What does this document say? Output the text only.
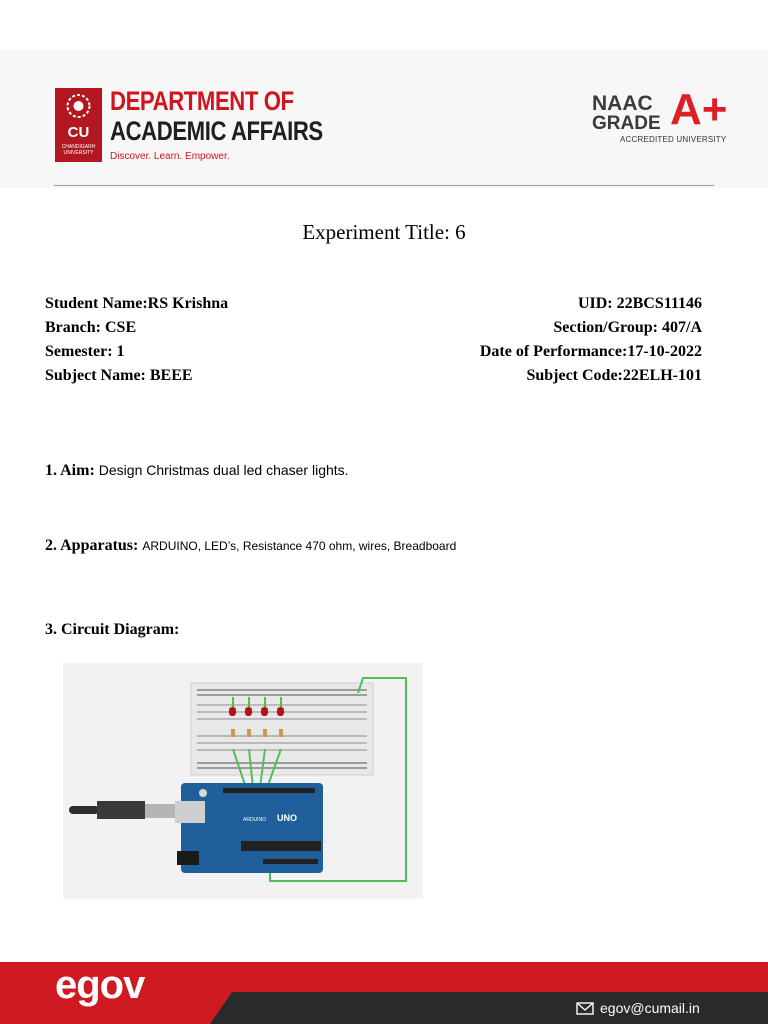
CU
CHANDIGARH UNIVERSITY
DEPARTMENT OF
ACADEMIC AFFAIRS
Discover. Learn. Empower.
NAAC
GRADE A+
ACCREDITED UNIVERSITY
Experiment Title: 6
Student Name:RS Krishna	UID: 22BCS11146
Branch: CSE	Section/Group: 407/A
Semester: 1	Date of Performance:17-10-2022
Subject Name: BEEE	Subject Code:22ELH-101
1. Aim: Design Christmas dual led chaser lights.
2. Apparatus: ARDUINO, LED’s, Resistance 470 ohm, wires, Breadboard
3. Circuit Diagram:
UNO
ARDUINO
egov
egov@cumail.in
